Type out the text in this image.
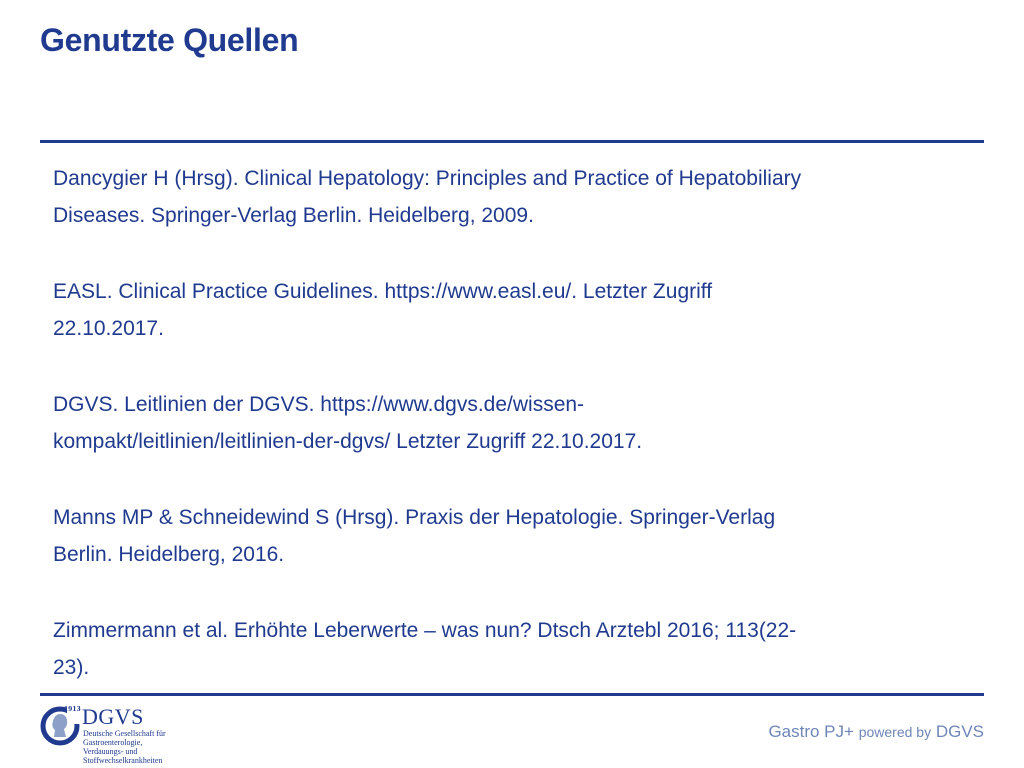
Genutzte Quellen
Dancygier H (Hrsg). Clinical Hepatology: Principles and Practice of Hepatobiliary
Diseases. Springer-Verlag Berlin. Heidelberg, 2009.
EASL. Clinical Practice Guidelines. https://www.easl.eu/. Letzter Zugriff
22.10.2017.
DGVS. Leitlinien der DGVS. https://www.dgvs.de/wissen-
kompakt/leitlinien/leitlinien-der-dgvs/ Letzter Zugriff 22.10.2017.
Manns MP & Schneidewind S (Hrsg). Praxis der Hepatologie. Springer-Verlag
Berlin. Heidelberg, 2016.
Zimmermann et al. Erhöhte Leberwerte – was nun? Dtsch Arztebl 2016; 113(22-
23).
1913 DGVS
Deutsche Gesellschaft für
Gastroenterologie,
Verdauungs- und
Stoffwechselkrankheiten
Gastro PJ+ powered by DGVS
